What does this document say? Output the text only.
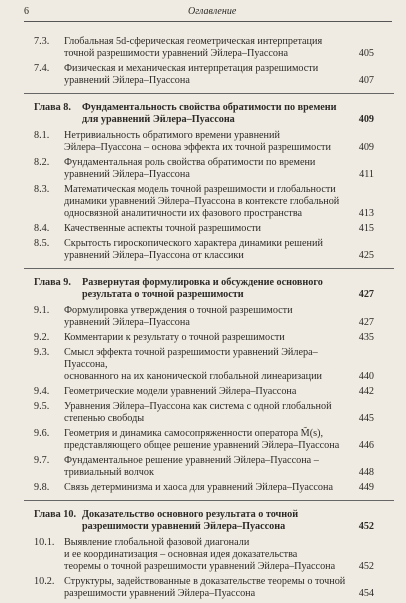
6	Оглавление
7.3.	Глобальная 5d-сферическая геометрическая интерпретация
точной разрешимости уравнений Эйлера–Пуассона	405
7.4.	Физическая и механическая интерпретация разрешимости
уравнений Эйлера–Пуассона	407
Глава 8. Фундаментальность свойства обратимости по времени
для уравнений Эйлера–Пуассона	409
8.1.	Нетривиальность обратимого времени уравнений
Эйлера–Пуассона – основа эффекта их точной разрешимости	409
8.2.	Фундаментальная роль свойства обратимости по времени
уравнений Эйлера–Пуассона	411
8.3.	Математическая модель точной разрешимости и глобальности
динамики уравнений Эйлера–Пуассона в контексте глобальной
односвязной аналитичности их фазового пространства	413
8.4.	Качественные аспекты точной разрешимости	415
8.5.	Скрытость гироскопического характера динамики решений
уравнений Эйлера–Пуассона от классики	425
Глава 9. Развернутая формулировка и обсуждение основного
результата о точной разрешимости	427
9.1.	Формулировка утверждения о точной разрешимости
уравнений Эйлера–Пуассона	427
9.2.	Комментарии к результату о точной разрешимости	435
9.3.	Смысл эффекта точной разрешимости уравнений Эйлера–Пуассона,
основанного на их канонической глобальной линеаризации	440
9.4.	Геометрические модели уравнений Эйлера–Пуассона	442
9.5.	Уравнения Эйлера–Пуассона как система с одной глобальной
степенью свободы	445
9.6.	Геометрия и динамика самосопряженности оператора M̃(s),
представляющего общее решение уравнений Эйлера–Пуассона	446
9.7.	Фундаментальное решение уравнений Эйлера–Пуассона –
тривиальный волчок	448
9.8.	Связь детерминизма и хаоса для уравнений Эйлера–Пуассона	449
Глава 10. Доказательство основного результата о точной
разрешимости уравнений Эйлера–Пуассона	452
10.1. Выявление глобальной фазовой диагонали
и ее координатизация – основная идея доказательства
теоремы о точной разрешимости уравнений Эйлера–Пуассона	452
10.2. Структуры, задействованные в доказательстве теоремы о точной
разрешимости уравнений Эйлера–Пуассона	454
